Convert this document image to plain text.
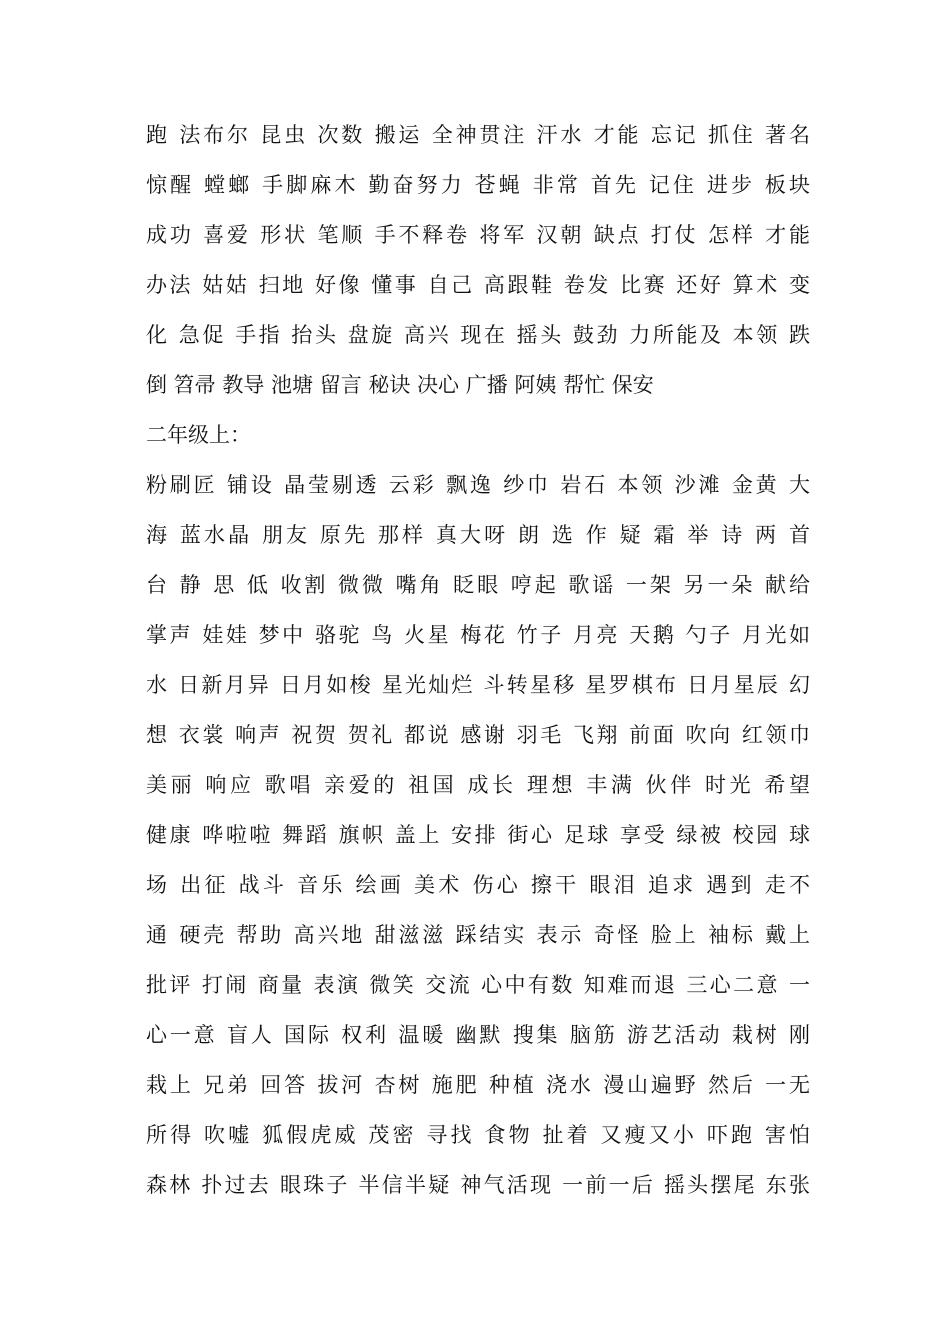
跑 法布尔 昆虫 次数 搬运 全神贯注 汗水 才能 忘记 抓住 著名
惊醒 螳螂 手脚麻木 勤奋努力 苍蝇 非常 首先 记住 进步 板块
成功 喜爱 形状 笔顺 手不释卷 将军 汉朝 缺点 打仗 怎样 才能
办法 姑姑 扫地 好像 懂事 自己 高跟鞋 卷发 比赛 还好 算术 变
化 急促 手指 抬头 盘旋 高兴 现在 摇头 鼓劲 力所能及 本领 跌
倒 笤帚 教导 池塘 留言 秘诀 决心 广播 阿姨 帮忙 保安
二年级上：
粉刷匠 铺设 晶莹剔透 云彩 飘逸 纱巾 岩石 本领 沙滩 金黄 大
海 蓝水晶 朋友 原先 那样 真大呀 朗 选 作 疑 霜 举 诗 两 首
台 静 思 低 收割 微微 嘴角 眨眼 哼起 歌谣 一架 另一朵 献给
掌声 娃娃 梦中 骆驼 鸟 火星 梅花 竹子 月亮 天鹅 勺子 月光如
水 日新月异 日月如梭 星光灿烂 斗转星移 星罗棋布 日月星辰 幻
想 衣裳 响声 祝贺 贺礼 都说 感谢 羽毛 飞翔 前面 吹向 红领巾
美丽 响应 歌唱 亲爱的 祖国 成长 理想 丰满 伙伴 时光 希望
健康 哗啦啦 舞蹈 旗帜 盖上 安排 街心 足球 享受 绿被 校园 球
场 出征 战斗 音乐 绘画 美术 伤心 擦干 眼泪 追求 遇到 走不
通 硬壳 帮助 高兴地 甜滋滋 踩结实 表示 奇怪 脸上 袖标 戴上
批评 打闹 商量 表演 微笑 交流 心中有数 知难而退 三心二意 一
心一意 盲人 国际 权利 温暖 幽默 搜集 脑筋 游艺活动 栽树 刚
栽上 兄弟 回答 拔河 杏树 施肥 种植 浇水 漫山遍野 然后 一无
所得 吹嘘 狐假虎威 茂密 寻找 食物 扯着 又瘦又小 吓跑 害怕
森林 扑过去 眼珠子 半信半疑 神气活现 一前一后 摇头摆尾 东张
